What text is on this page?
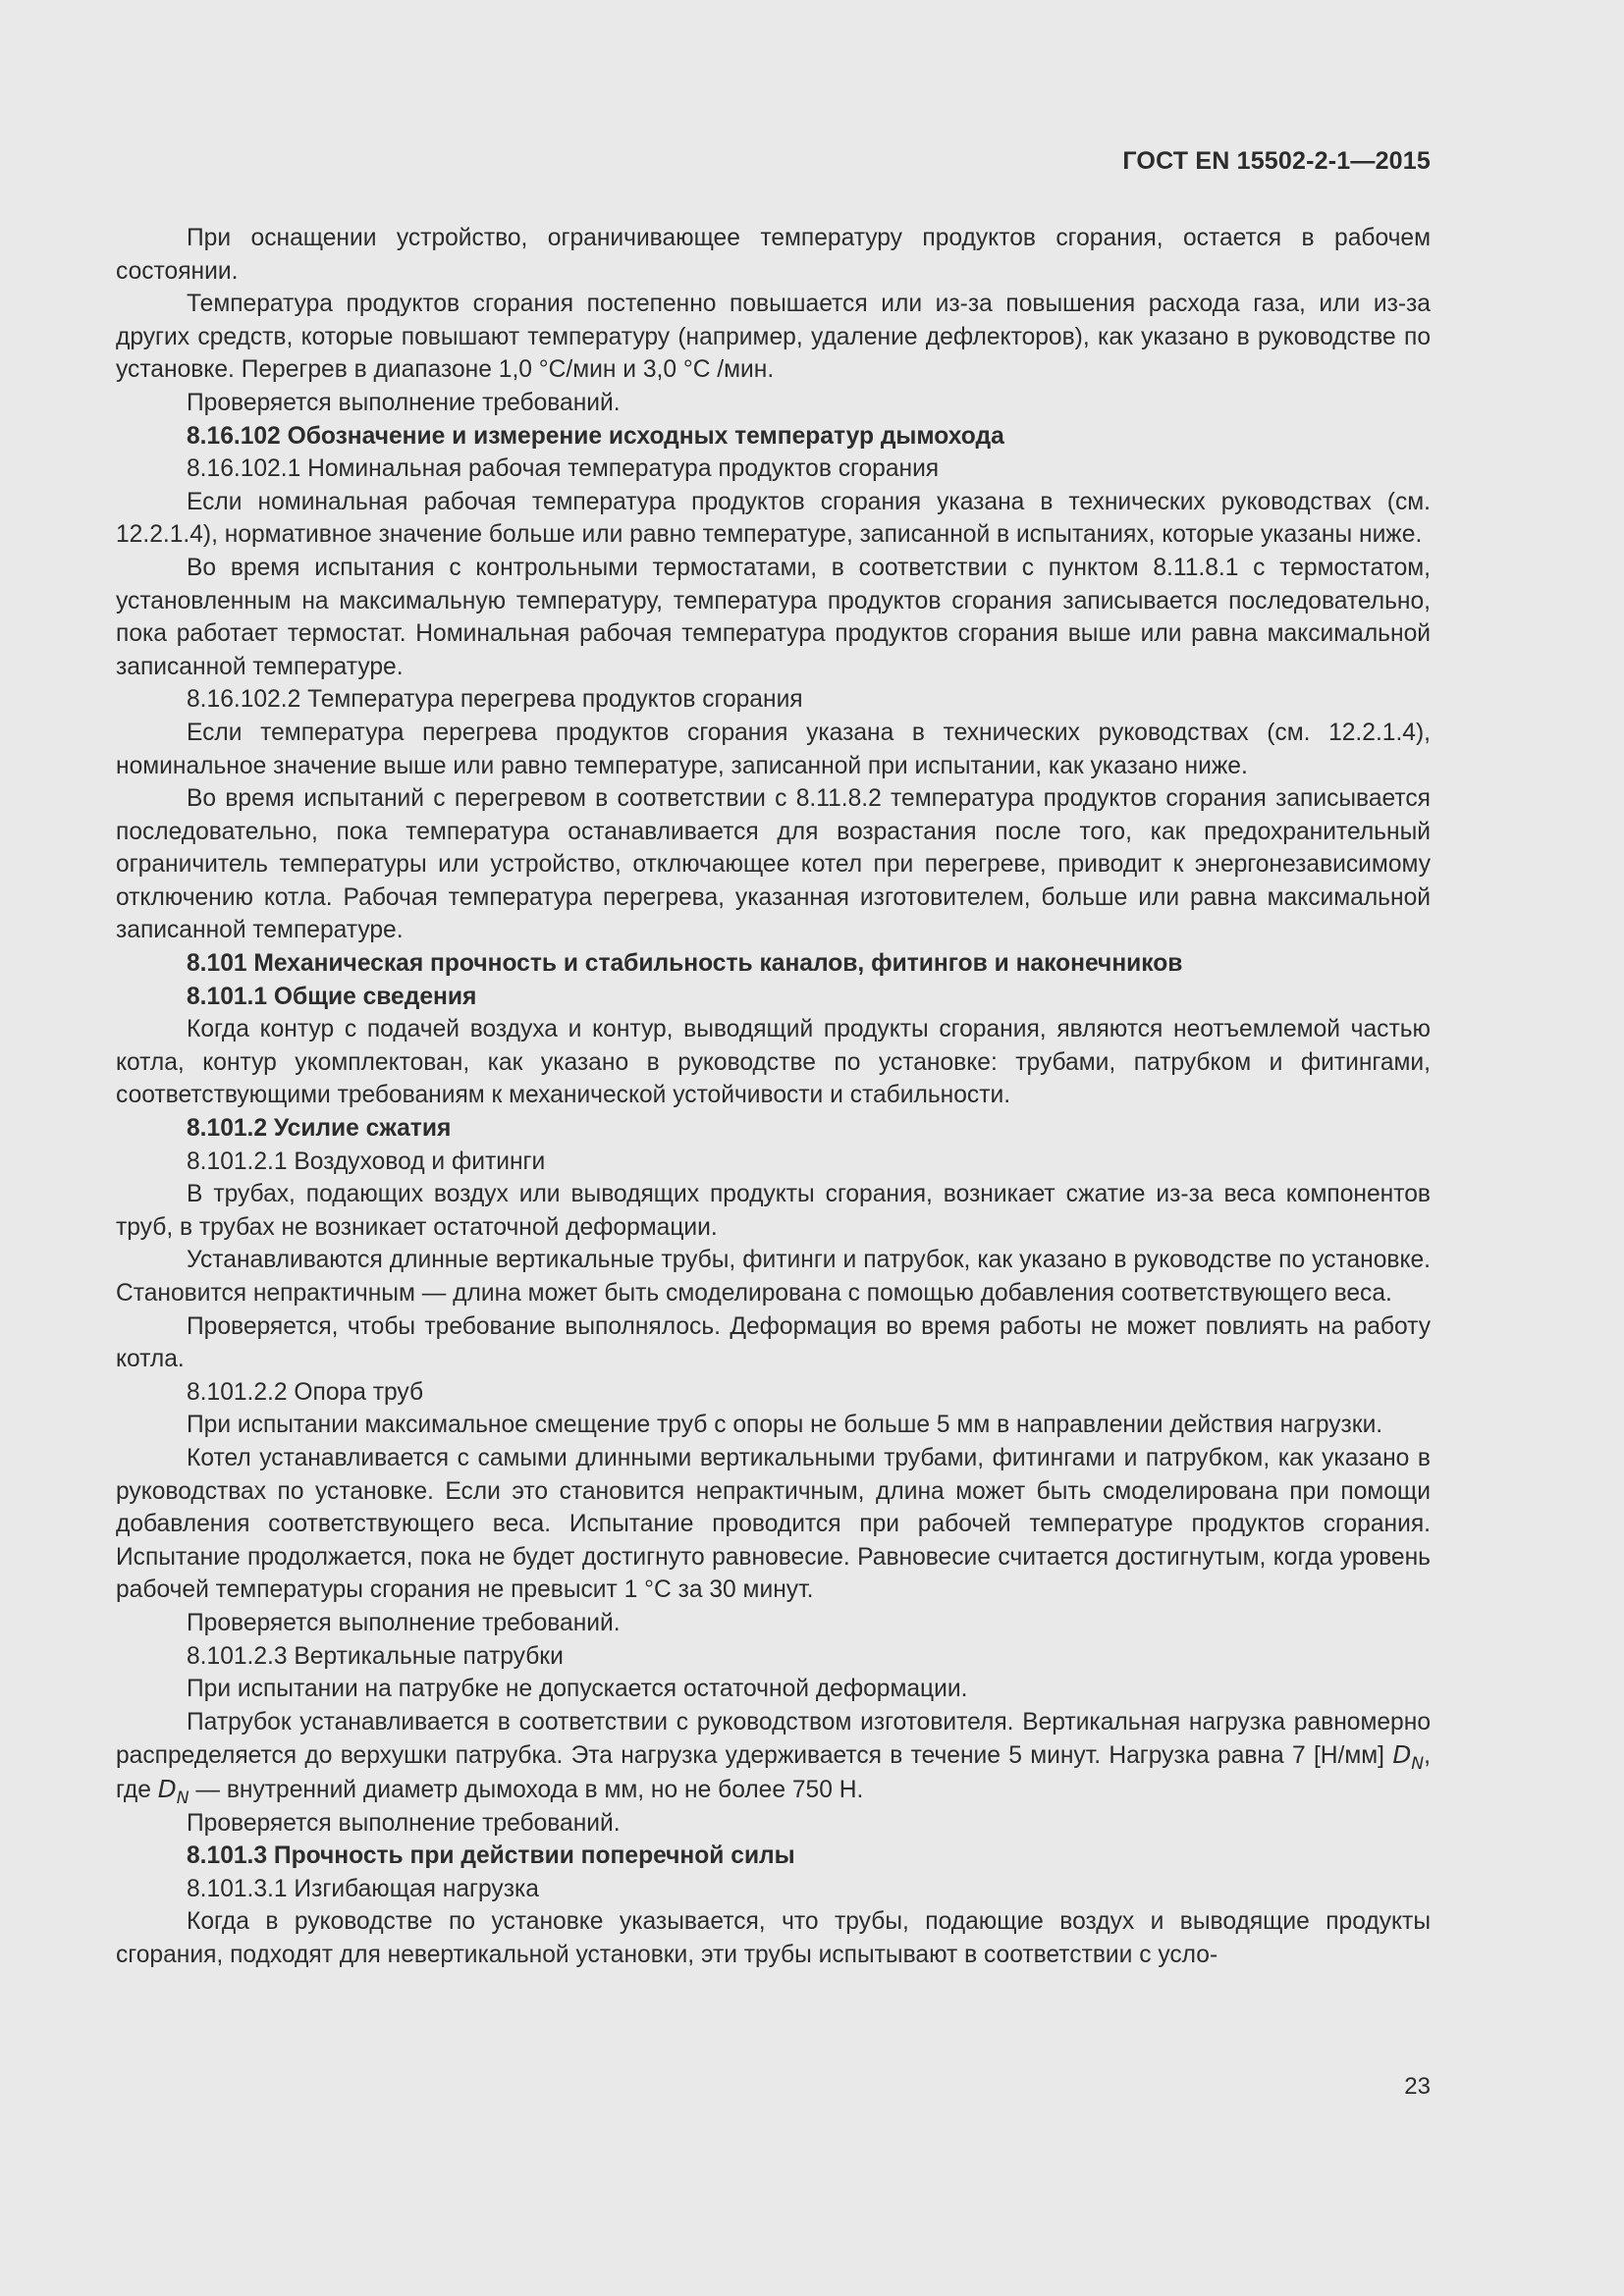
ГОСТ EN 15502-2-1—2015

При оснащении устройство, ограничивающее температуру продуктов сгорания, остается в рабочем состоянии.

Температура продуктов сгорания постепенно повышается или из-за повышения расхода газа, или из-за других средств, которые повышают температуру (например, удаление дефлекторов), как указано в руководстве по установке. Перегрев в диапазоне 1,0 °С/мин и 3,0 °С /мин.

Проверяется выполнение требований.

8.16.102 Обозначение и измерение исходных температур дымохода

8.16.102.1 Номинальная рабочая температура продуктов сгорания

Если номинальная рабочая температура продуктов сгорания указана в технических руководствах (см. 12.2.1.4), нормативное значение больше или равно температуре, записанной в испытаниях, которые указаны ниже.

Во время испытания с контрольными термостатами, в соответствии с пунктом 8.11.8.1 с термостатом, установленным на максимальную температуру, температура продуктов сгорания записывается последовательно, пока работает термостат. Номинальная рабочая температура продуктов сгорания выше или равна максимальной записанной температуре.

8.16.102.2 Температура перегрева продуктов сгорания

Если температура перегрева продуктов сгорания указана в технических руководствах (см. 12.2.1.4), номинальное значение выше или равно температуре, записанной при испытании, как указано ниже.

Во время испытаний с перегревом в соответствии с 8.11.8.2 температура продуктов сгорания записывается последовательно, пока температура останавливается для возрастания после того, как предохранительный ограничитель температуры или устройство, отключающее котел при перегреве, приводит к энергонезависимому отключению котла. Рабочая температура перегрева, указанная изготовителем, больше или равна максимальной записанной температуре.

8.101 Механическая прочность и стабильность каналов, фитингов и наконечников

8.101.1 Общие сведения

Когда контур с подачей воздуха и контур, выводящий продукты сгорания, являются неотъемлемой частью котла, контур укомплектован, как указано в руководстве по установке: трубами, патрубком и фитингами, соответствующими требованиям к механической устойчивости и стабильности.

8.101.2 Усилие сжатия

8.101.2.1 Воздуховод и фитинги

В трубах, подающих воздух или выводящих продукты сгорания, возникает сжатие из-за веса компонентов труб, в трубах не возникает остаточной деформации.

Устанавливаются длинные вертикальные трубы, фитинги и патрубок, как указано в руководстве по установке. Становится непрактичным — длина может быть смоделирована с помощью добавления соответствующего веса.

Проверяется, чтобы требование выполнялось. Деформация во время работы не может повлиять на работу котла.

8.101.2.2 Опора труб

При испытании максимальное смещение труб с опоры не больше 5 мм в направлении действия нагрузки.

Котел устанавливается с самыми длинными вертикальными трубами, фитингами и патрубком, как указано в руководствах по установке. Если это становится непрактичным, длина может быть смоделирована при помощи добавления соответствующего веса. Испытание проводится при рабочей температуре продуктов сгорания. Испытание продолжается, пока не будет достигнуто равновесие. Равновесие считается достигнутым, когда уровень рабочей температуры сгорания не превысит 1 °С за 30 минут.

Проверяется выполнение требований.

8.101.2.3 Вертикальные патрубки

При испытании на патрубке не допускается остаточной деформации.

Патрубок устанавливается в соответствии с руководством изготовителя. Вертикальная нагрузка равномерно распределяется до верхушки патрубка. Эта нагрузка удерживается в течение 5 минут. Нагрузка равна 7 [Н/мм] $D_N$, где $D_N$ — внутренний диаметр дымохода в мм, но не более 750 Н.

Проверяется выполнение требований.

8.101.3 Прочность при действии поперечной силы

8.101.3.1 Изгибающая нагрузка

Когда в руководстве по установке указывается, что трубы, подающие воздух и выводящие продукты сгорания, подходят для невертикальной установки, эти трубы испытывают в соответствии с усло-

23
